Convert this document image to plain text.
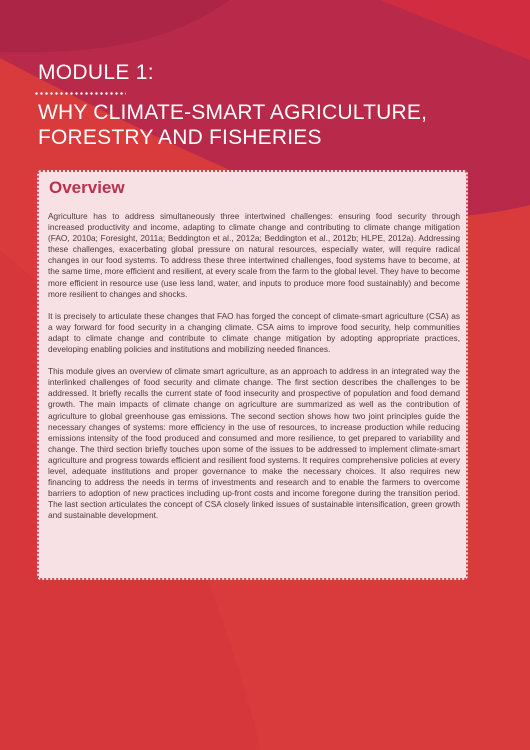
MODULE 1:
WHY CLIMATE-SMART AGRICULTURE,
FORESTRY AND FISHERIES
Overview

Agriculture has to address simultaneously three intertwined challenges: ensuring food security through increased productivity and income, adapting to climate change and contributing to climate change mitigation (FAO, 2010a; Foresight, 2011a; Beddington et al., 2012a; Beddington et al., 2012b; HLPE, 2012a). Addressing these challenges, exacerbating global pressure on natural resources, especially water, will require radical changes in our food systems. To address these three intertwined challenges, food systems have to become, at the same time, more efficient and resilient, at every scale from the farm to the global level. They have to become more efficient in resource use (use less land, water, and inputs to produce more food sustainably) and become more resilient to changes and shocks.

It is precisely to articulate these changes that FAO has forged the concept of climate-smart agriculture (CSA) as a way forward for food security in a changing climate. CSA aims to improve food security, help communities adapt to climate change and contribute to climate change mitigation by adopting appropriate practices, developing enabling policies and institutions and mobilizing needed finances.

This module gives an overview of climate smart agriculture, as an approach to address in an integrated way the interlinked challenges of food security and climate change. The first section describes the challenges to be addressed. It briefly recalls the current state of food insecurity and prospective of population and food demand growth. The main impacts of climate change on agriculture are summarized as well as the contribution of agriculture to global greenhouse gas emissions. The second section shows how two joint principles guide the necessary changes of systems: more efficiency in the use of resources, to increase production while reducing emissions intensity of the food produced and consumed and more resilience, to get prepared to variability and change. The third section briefly touches upon some of the issues to be addressed to implement climate-smart agriculture and progress towards efficient and resilient food systems. It requires comprehensive policies at every level, adequate institutions and proper governance to make the necessary choices. It also requires new financing to address the needs in terms of investments and research and to enable the farmers to overcome barriers to adoption of new practices including up-front costs and income foregone during the transition period. The last section articulates the concept of CSA closely linked issues of sustainable intensification, green growth and sustainable development.
